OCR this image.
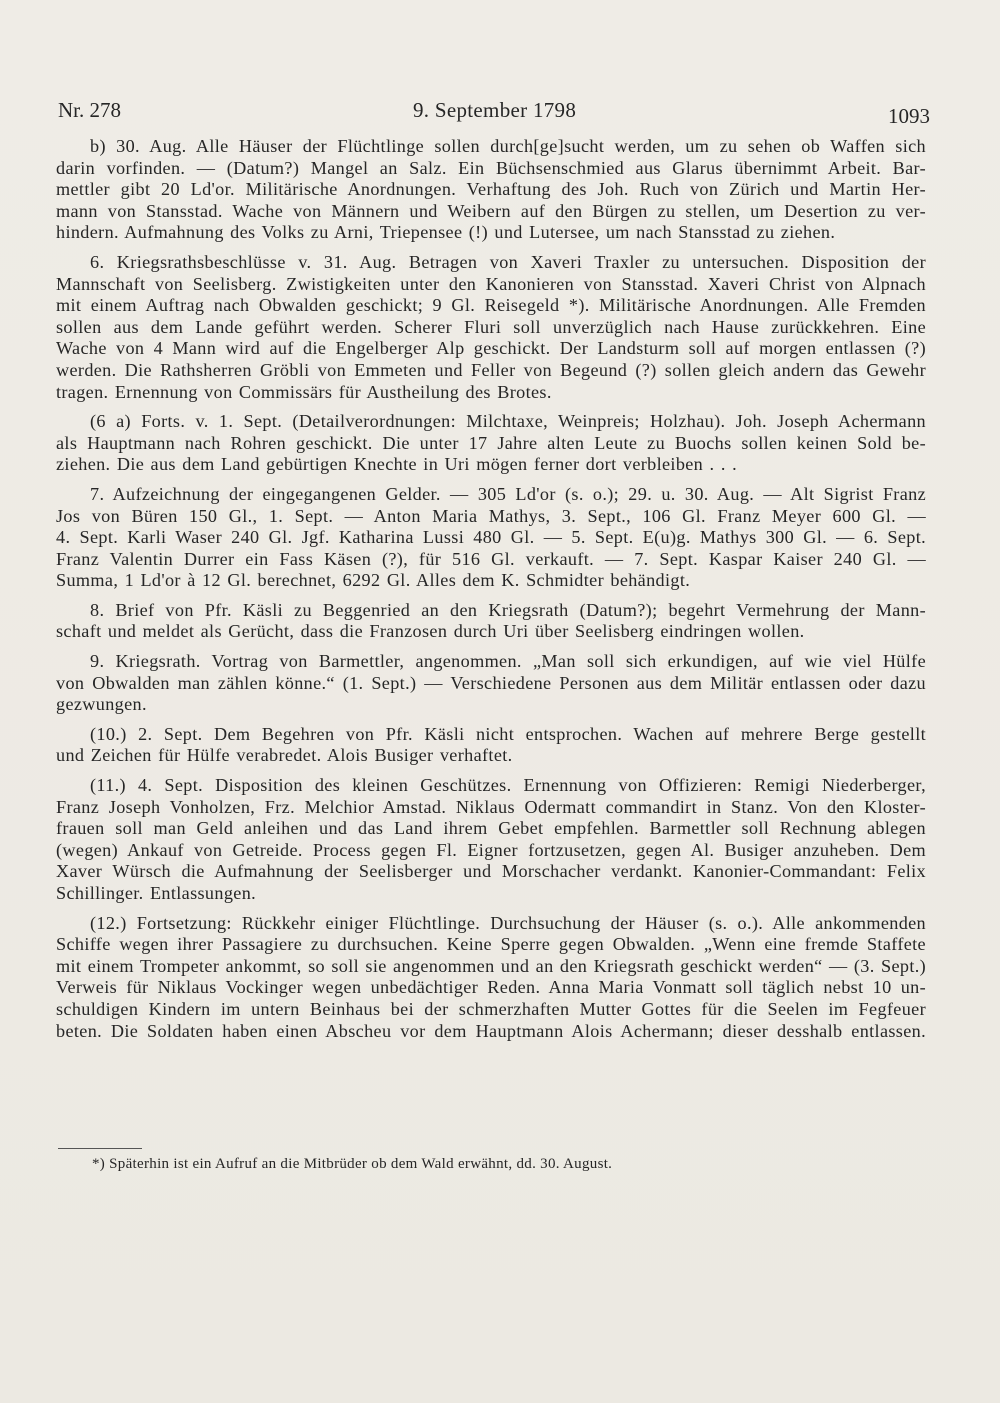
Nr. 278	9. September 1798	1093
b) 30. Aug. Alle Häuser der Flüchtlinge sollen durch[ge]sucht werden, um zu sehen ob Waffen sich
darin vorfinden. — (Datum?) Mangel an Salz. Ein Büchsenschmied aus Glarus übernimmt Arbeit. Bar-
mettler gibt 20 Ld'or. Militärische Anordnungen. Verhaftung des Joh. Ruch von Zürich und Martin Her-
mann von Stansstad. Wache von Männern und Weibern auf den Bürgen zu stellen, um Desertion zu ver-
hindern. Aufmahnung des Volks zu Arni, Triepensee (!) und Lutersee, um nach Stansstad zu ziehen.
6. Kriegsrathsbeschlüsse v. 31. Aug. Betragen von Xaveri Traxler zu untersuchen. Disposition der
Mannschaft von Seelisberg. Zwistigkeiten unter den Kanonieren von Stansstad. Xaveri Christ von Alpnach
mit einem Auftrag nach Obwalden geschickt; 9 Gl. Reisegeld *). Militärische Anordnungen. Alle Fremden
sollen aus dem Lande geführt werden. Scherer Fluri soll unverzüglich nach Hause zurückkehren. Eine
Wache von 4 Mann wird auf die Engelberger Alp geschickt. Der Landsturm soll auf morgen entlassen (?)
werden. Die Rathsherren Gröbli von Emmeten und Feller von Begeund (?) sollen gleich andern das Gewehr
tragen. Ernennung von Commissärs für Austheilung des Brotes.
(6 a) Forts. v. 1. Sept. (Detailverordnungen: Milchtaxe, Weinpreis; Holzhau). Joh. Joseph Achermann
als Hauptmann nach Rohren geschickt. Die unter 17 Jahre alten Leute zu Buochs sollen keinen Sold be-
ziehen. Die aus dem Land gebürtigen Knechte in Uri mögen ferner dort verbleiben . . .
7. Aufzeichnung der eingegangenen Gelder. — 305 Ld'or (s. o.); 29. u. 30. Aug. — Alt Sigrist Franz
Jos von Büren 150 Gl., 1. Sept. — Anton Maria Mathys, 3. Sept., 106 Gl. Franz Meyer 600 Gl. —
4. Sept. Karli Waser 240 Gl. Jgf. Katharina Lussi 480 Gl. — 5. Sept. E(u)g. Mathys 300 Gl. — 6. Sept.
Franz Valentin Durrer ein Fass Käsen (?), für 516 Gl. verkauft. — 7. Sept. Kaspar Kaiser 240 Gl. —
Summa, 1 Ld'or à 12 Gl. berechnet, 6292 Gl. Alles dem K. Schmidter behändigt.
8. Brief von Pfr. Käsli zu Beggenried an den Kriegsrath (Datum?); begehrt Vermehrung der Mann-
schaft und meldet als Gerücht, dass die Franzosen durch Uri über Seelisberg eindringen wollen.
9. Kriegsrath. Vortrag von Barmettler, angenommen. „Man soll sich erkundigen, auf wie viel Hülfe
von Obwalden man zählen könne.“ (1. Sept.) — Verschiedene Personen aus dem Militär entlassen oder dazu
gezwungen.
(10.) 2. Sept. Dem Begehren von Pfr. Käsli nicht entsprochen. Wachen auf mehrere Berge gestellt
und Zeichen für Hülfe verabredet. Alois Busiger verhaftet.
(11.) 4. Sept. Disposition des kleinen Geschützes. Ernennung von Offizieren: Remigi Niederberger,
Franz Joseph Vonholzen, Frz. Melchior Amstad. Niklaus Odermatt commandirt in Stanz. Von den Kloster-
frauen soll man Geld anleihen und das Land ihrem Gebet empfehlen. Barmettler soll Rechnung ablegen
(wegen) Ankauf von Getreide. Process gegen Fl. Eigner fortzusetzen, gegen Al. Busiger anzuheben. Dem
Xaver Würsch die Aufmahnung der Seelisberger und Morschacher verdankt. Kanonier-Commandant: Felix
Schillinger. Entlassungen.
(12.) Fortsetzung: Rückkehr einiger Flüchtlinge. Durchsuchung der Häuser (s. o.). Alle ankommenden
Schiffe wegen ihrer Passagiere zu durchsuchen. Keine Sperre gegen Obwalden. „Wenn eine fremde Staffete
mit einem Trompeter ankommt, so soll sie angenommen und an den Kriegsrath geschickt werden“ — (3. Sept.)
Verweis für Niklaus Vockinger wegen unbedächtiger Reden. Anna Maria Vonmatt soll täglich nebst 10 un-
schuldigen Kindern im untern Beinhaus bei der schmerzhaften Mutter Gottes für die Seelen im Fegfeuer
beten. Die Soldaten haben einen Abscheu vor dem Hauptmann Alois Achermann; dieser desshalb entlassen.
*) Späterhin ist ein Aufruf an die Mitbrüder ob dem Wald erwähnt, dd. 30. August.
